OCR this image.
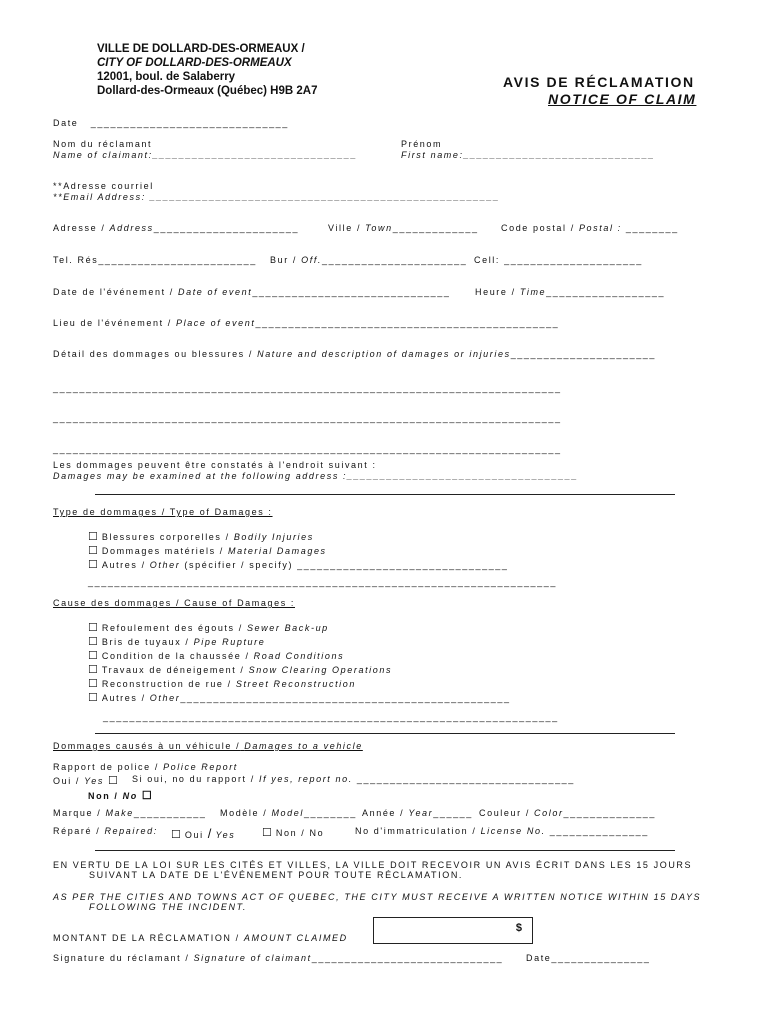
VILLE DE DOLLARD-DES-ORMEAUX /
CITY OF DOLLARD-DES-ORMEAUX
12001, boul. de Salaberry
Dollard-des-Ormeaux (Québec) H9B 2A7
AVIS DE RÉCLAMATION
NOTICE OF CLAIM
Date   ______________________________
Nom du réclamant
Name of claimant:_______________________________
Prénom
First name:_____________________________
**Adresse courriel
**Email Address: _____________________________________________________
Adresse / Address______________________	Ville / Town_____________ Code postal / Postal : ________
Tel. Rés________________________ Bur / Off.______________________ Cell: _____________________
Date de l'événement / Date of event______________________________	Heure / Time__________________
Lieu de l'événement / Place of event______________________________________________
Détail des dommages ou blessures / Nature and description of damages or injuries______________________
_____________________________________________________________________________
_____________________________________________________________________________
_____________________________________________________________________________
Les dommages peuvent être constatés à l'endroit suivant :
Damages may be examined at the following address :___________________________________
Type de dommages / Type of Damages :
☐ Blessures corporelles / Bodily Injuries
☐ Dommages matériels / Material Damages
☐ Autres / Other (spécifier / specify) ________________________________
_______________________________________________________________________
Cause des dommages / Cause of Damages :
☐ Refoulement des égouts / Sewer Back-up
☐ Bris de tuyaux / Pipe Rupture
☐ Condition de la chaussée / Road Conditions
☐ Travaux de déneigement / Snow Clearing Operations
☐ Reconstruction de rue / Street Reconstruction
☐ Autres / Other__________________________________________________
_____________________________________________________________________
Dommages causés à un véhicule / Damages to a vehicle
Rapport de police / Police Report
Oui / Yes ☐	Si oui, no du rapport / If yes, report no. _________________________________
Non / No ☐
Marque / Make___________ Modèle / Model________ Année / Year______ Couleur / Color______________
Réparé / Repaired: ☐ Oui / Yes ☐ Non / No	No d'immatriculation / License No. _______________
EN VERTU DE LA LOI SUR LES CITÉS ET VILLES, LA VILLE DOIT RECEVOIR UN AVIS ÉCRIT DANS LES 15 JOURS
SUIVANT LA DATE DE L'ÉVÉNEMENT POUR TOUTE RÉCLAMATION.
AS PER THE CITIES AND TOWNS ACT OF QUEBEC, THE CITY MUST RECEIVE A WRITTEN NOTICE WITHIN 15 DAYS
FOLLOWING THE INCIDENT.
MONTANT DE LA RÉCLAMATION / AMOUNT CLAIMED
$
Signature du réclamant / Signature of claimant_____________________________	Date_______________
